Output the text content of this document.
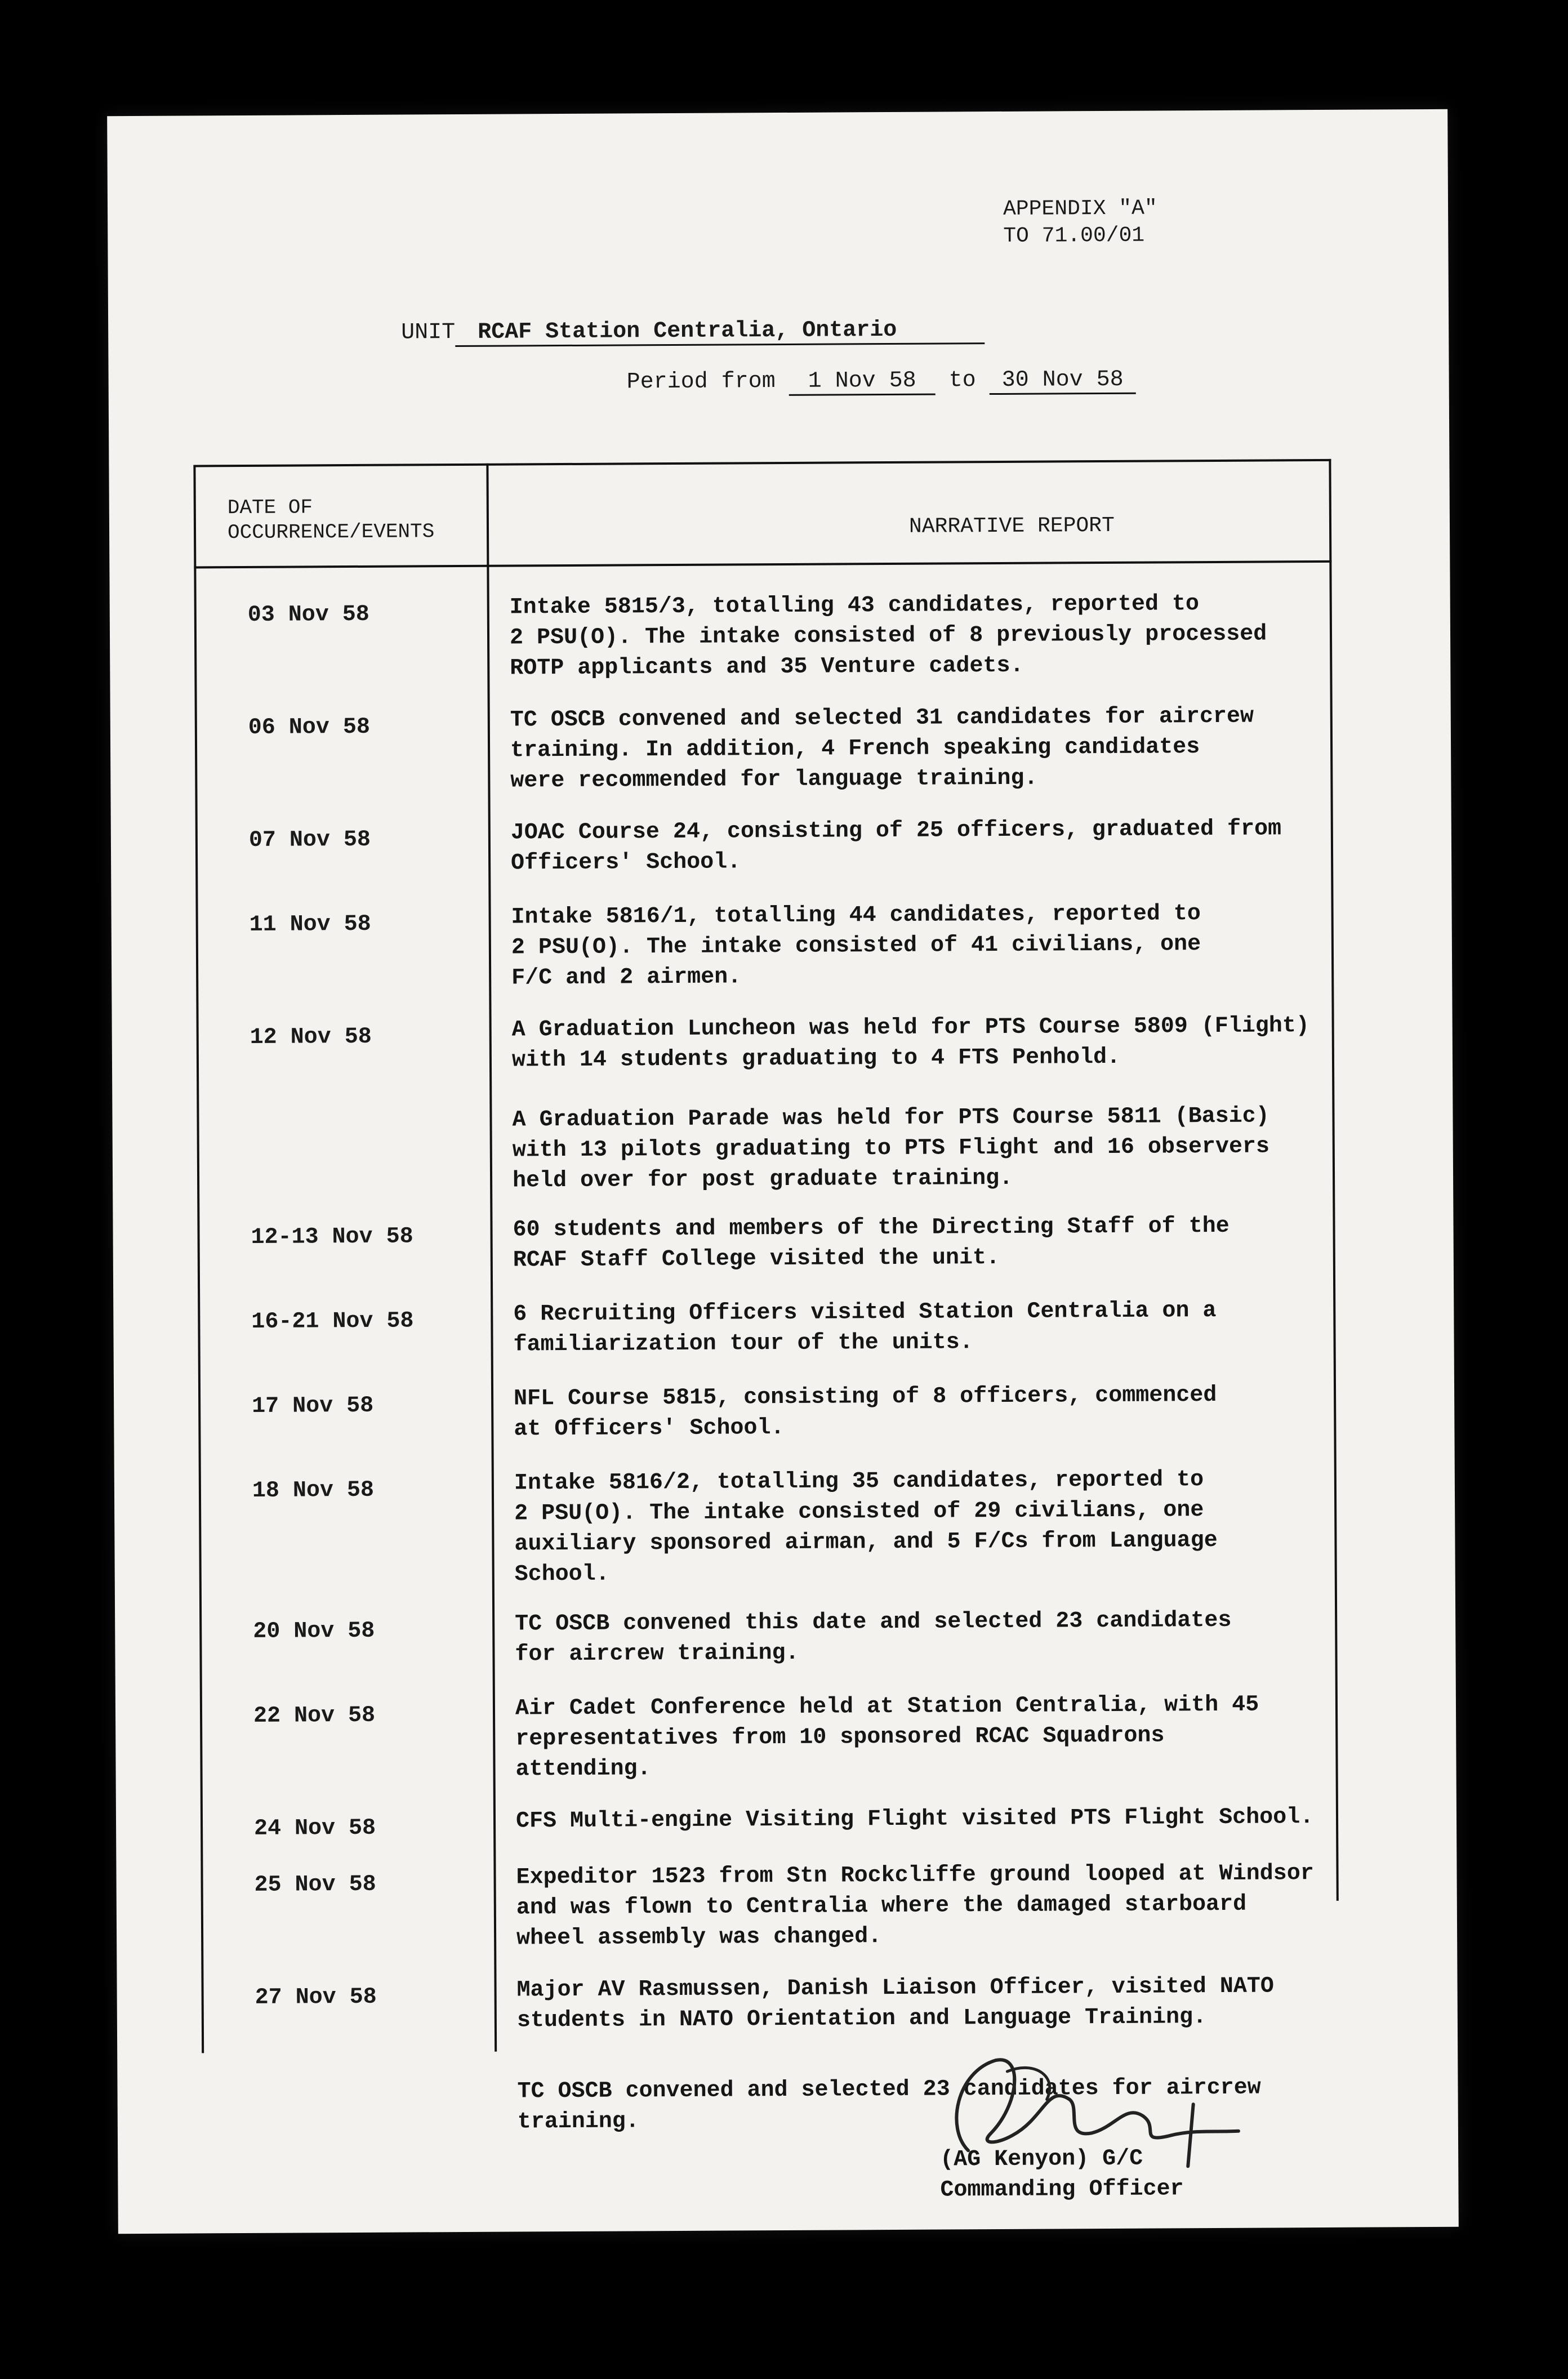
APPENDIX "A"
TO 71.00/01
UNIT RCAF Station Centralia, Ontario
Period from 1 Nov 58 to 30 Nov 58
DATE OF
OCCURRENCE/EVENTS	NARRATIVE REPORT
03 Nov 58	Intake 5815/3, totalling 43 candidates, reported to
2 PSU(O). The intake consisted of 8 previously processed
ROTP applicants and 35 Venture cadets.
06 Nov 58	TC OSCB convened and selected 31 candidates for aircrew
training. In addition, 4 French speaking candidates
were recommended for language training.
07 Nov 58	JOAC Course 24, consisting of 25 officers, graduated from
Officers' School.
11 Nov 58	Intake 5816/1, totalling 44 candidates, reported to
2 PSU(O). The intake consisted of 41 civilians, one
F/C and 2 airmen.
12 Nov 58	A Graduation Luncheon was held for PTS Course 5809 (Flight)
with 14 students graduating to 4 FTS Penhold.
A Graduation Parade was held for PTS Course 5811 (Basic)
with 13 pilots graduating to PTS Flight and 16 observers
held over for post graduate training.
12-13 Nov 58	60 students and members of the Directing Staff of the
RCAF Staff College visited the unit.
16-21 Nov 58	6 Recruiting Officers visited Station Centralia on a
familiarization tour of the units.
17 Nov 58	NFL Course 5815, consisting of 8 officers, commenced
at Officers' School.
18 Nov 58	Intake 5816/2, totalling 35 candidates, reported to
2 PSU(O). The intake consisted of 29 civilians, one
auxiliary sponsored airman, and 5 F/Cs from Language
School.
20 Nov 58	TC OSCB convened this date and selected 23 candidates
for aircrew training.
22 Nov 58	Air Cadet Conference held at Station Centralia, with 45
representatives from 10 sponsored RCAC Squadrons
attending.
24 Nov 58	CFS Multi-engine Visiting Flight visited PTS Flight School.
25 Nov 58	Expeditor 1523 from Stn Rockcliffe ground looped at Windsor
and was flown to Centralia where the damaged starboard
wheel assembly was changed.
27 Nov 58	Major AV Rasmussen, Danish Liaison Officer, visited NATO
students in NATO Orientation and Language Training.
TC OSCB convened and selected 23 candidates for aircrew
training.
(AG Kenyon) G/C
Commanding Officer
